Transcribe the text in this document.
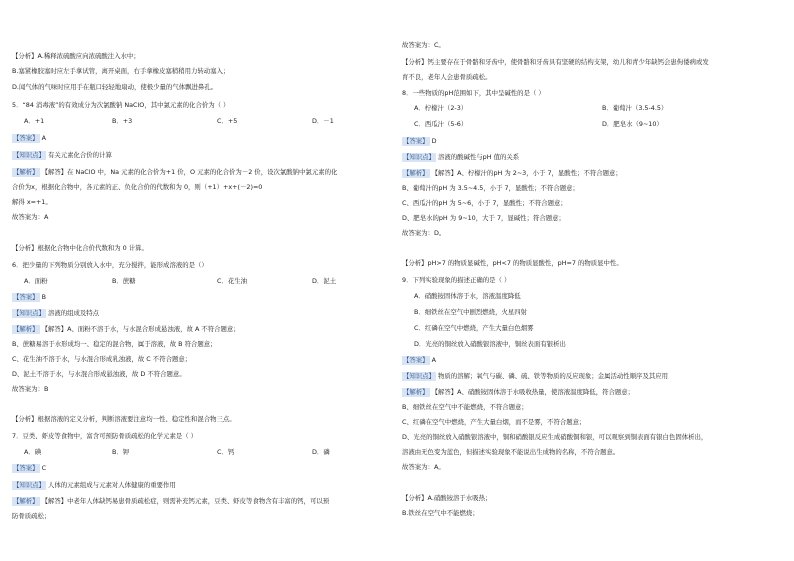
【分析】A.稀释浓硫酸应向浓硫酸注入水中；
B.塞紧橡胶塞时应左手拿试管，离开桌面，右手拿橡皮塞稍稍用力转动塞入；
D.闻气体的气味时应用手在瓶口轻轻地扇动，使极少量的气体飘进鼻孔。
5．“84 消毒液”的有效成分为次氯酸钠 NaClO，其中氯元素的化合价为（ ）
A．+1	B．+3	C．+5	D．－1
【答案】 A
【知识点】 有关元素化合价的计算
【解析】 【解答】在 NaClO 中，Na 元素的化合价为+1 价，O 元素的化合价为－2 价，设次氯酸钠中氯元素的化
合价为x，根据化合物中，各元素的正、负化合价的代数和为 0，则（+1）+x+(－2)=0
解得 x=+1。
故答案为：A
【分析】根据化合物中化合价代数和为 0 计算。
6．把少量的下列物质分别放入水中，充分搅拌，能形成溶液的是（）
A．面粉	B．蔗糖	C．花生油	D．泥土
【答案】 B
【知识点】 溶液的组成及特点
【解析】 【解答】A、面粉不溶于水，与水混合形成悬浊液，故 A 不符合题意；
B、蔗糖易溶于水形成均一、稳定的混合物，属于溶液，故 B 符合题意；
C、花生油不溶于水，与水混合形成乳浊液，故 C 不符合题意；
D、泥土不溶于水，与水混合形成悬浊液，故 D 不符合题意。
故答案为：B
【分析】根据溶液的定义分析，判断溶液要注意均一性、稳定性和混合物三点。
7．豆类、虾皮等食物中，富含可预防骨质疏松的化学元素是（ ）
A．碘	B．钾	C．钙	D．磷
【答案】 C
【知识点】 人体的元素组成与元素对人体健康的重要作用
【解析】 【解答】中老年人体缺钙易患骨质疏松症，则需补充钙元素，豆类、虾皮等食物含有丰富的钙，可以预
防骨质疏松；
故答案为：C。
【分析】钙主要存在于骨骼和牙齿中，使骨骼和牙齿具有坚硬的结构支架，幼儿和青少年缺钙会患佝偻病或发
育不良，老年人会患骨质疏松。
8．一些物质的pH范围如下，其中呈碱性的是（ ）
A．柠檬汁（2-3）	B．葡萄汁（3.5-4.5）
C．西瓜汁（5-6）	D．肥皂水（9~10）
【答案】 D
【知识点】 溶液的酸碱性与pH 值的关系
【解析】 【解答】A、柠檬汁的pH 为 2~3，小于 7，显酸性；不符合题意；
B、葡萄汁的pH 为 3.5~4.5，小于 7，显酸性；不符合题意；
C、西瓜汁的pH 为 5~6，小于 7，显酸性；不符合题意；
D、肥皂水的pH 为 9~10，大于 7，显碱性；符合题意；
故答案为：D。
【分析】pH>7 的物质显碱性，pH<7 的物质显酸性，pH=7 的物质显中性。
9．下列实验现象的描述正确的是（ ）
A．硝酸铵固体溶于水，溶液温度降低
B．细铁丝在空气中剧烈燃烧，火星四射
C．红磷在空气中燃烧，产生大量白色烟雾
D．光亮的铜丝放入硝酸银溶液中，铜丝表面有银析出
【答案】 A
【知识点】 物质的溶解；氧气与碳、磷、硫、铁等物质的反应现象；金属活动性顺序及其应用
【解析】 【解答】A、硝酸铵固体溶于水吸收热量，使溶液温度降低，符合题意；
B、细铁丝在空气中不能燃烧，不符合题意；
C、红磷在空气中燃烧，产生大量白烟，而不是雾，不符合题意；
D、光亮的铜丝放入硝酸银溶液中，铜和硝酸银反应生成硝酸铜和银，可以观察到铜表面有银白色固体析出，
溶液由无色变为蓝色，但描述实验现象不能说出生成物的名称，不符合题意。
故答案为：A。
【分析】A.硝酸铵溶于水吸热；
B.铁丝在空气中不能燃烧；
